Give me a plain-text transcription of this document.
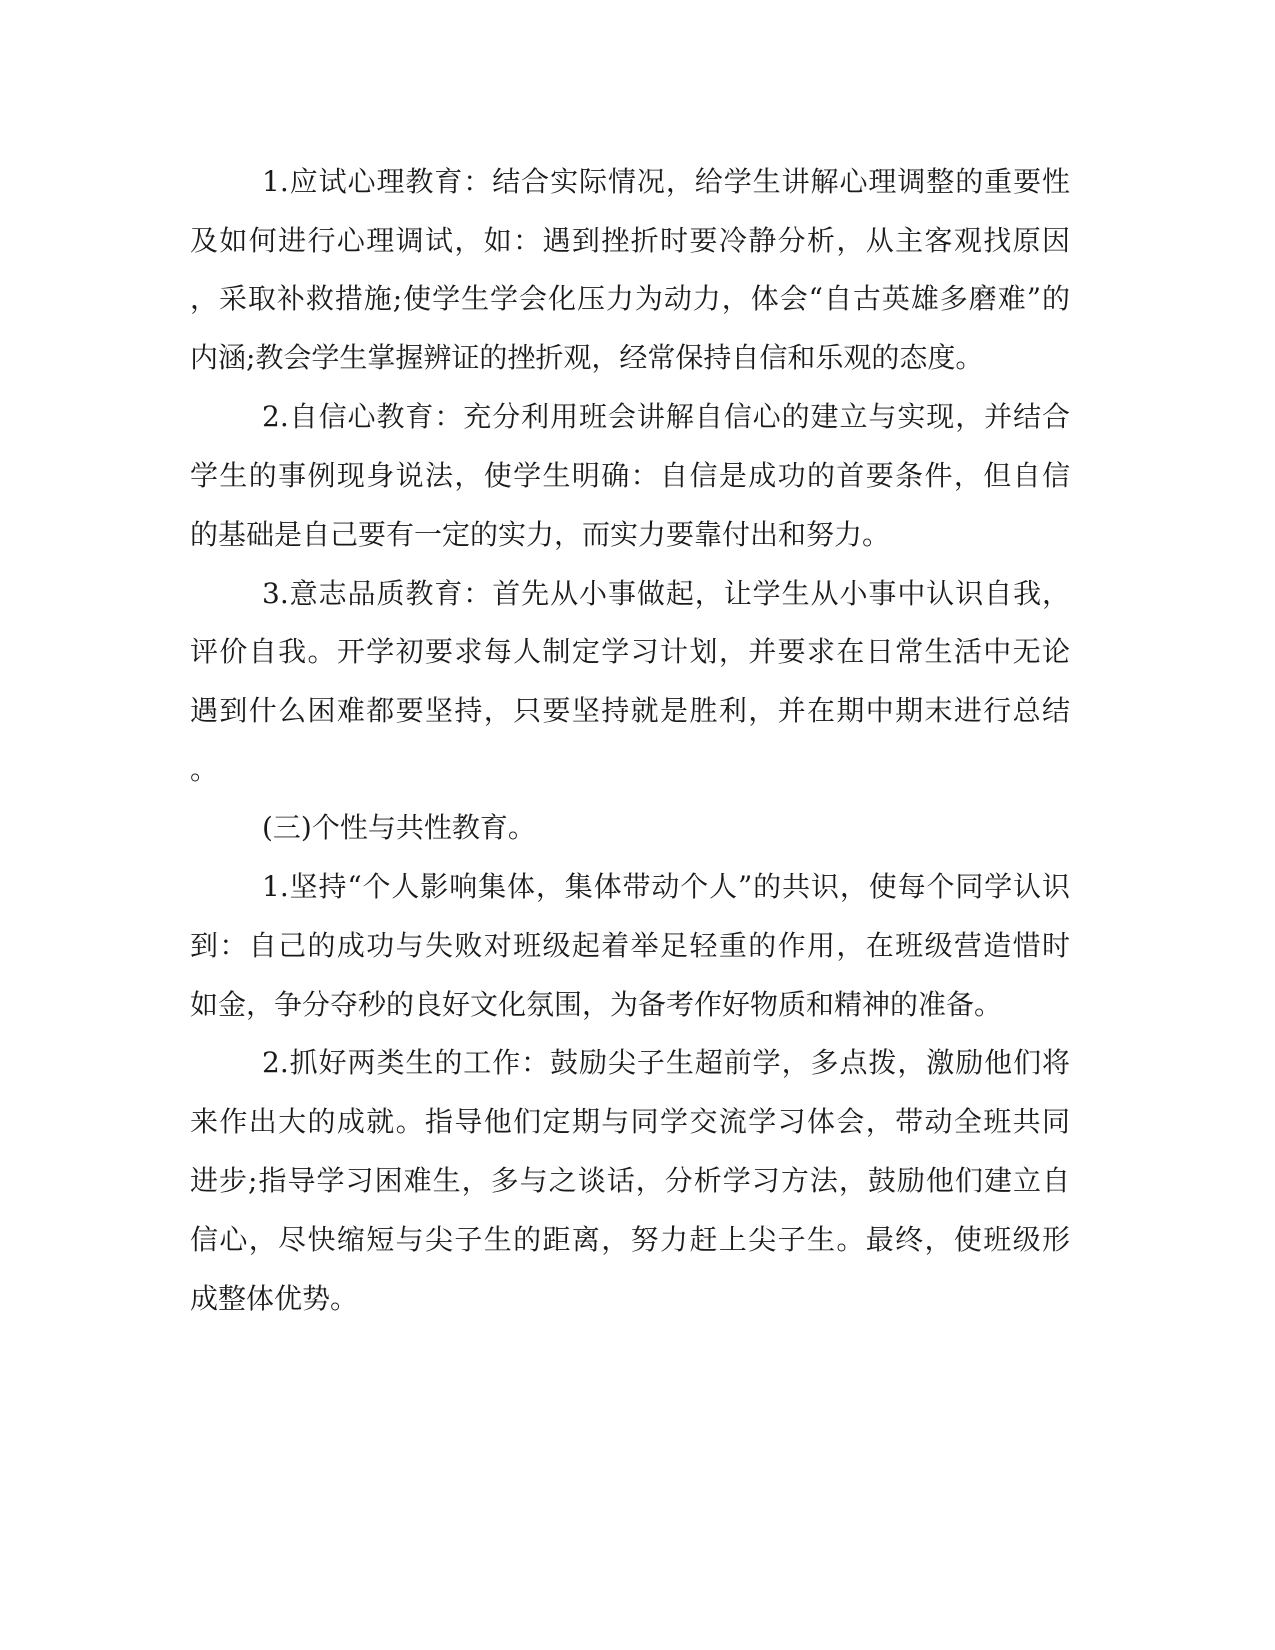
1.应试心理教育：结合实际情况，给学生讲解心理调整的重要性
及如何进行心理调试，如：遇到挫折时要冷静分析，从主客观找原因
，采取补救措施;使学生学会化压力为动力，体会“自古英雄多磨难”的
内涵;教会学生掌握辨证的挫折观，经常保持自信和乐观的态度。
2.自信心教育：充分利用班会讲解自信心的建立与实现，并结合
学生的事例现身说法，使学生明确：自信是成功的首要条件，但自信
的基础是自己要有一定的实力，而实力要靠付出和努力。
3.意志品质教育：首先从小事做起，让学生从小事中认识自我，
评价自我。开学初要求每人制定学习计划，并要求在日常生活中无论
遇到什么困难都要坚持，只要坚持就是胜利，并在期中期末进行总结
。
(三)个性与共性教育。
1.坚持“个人影响集体，集体带动个人”的共识，使每个同学认识
到：自己的成功与失败对班级起着举足轻重的作用，在班级营造惜时
如金，争分夺秒的良好文化氛围，为备考作好物质和精神的准备。
2.抓好两类生的工作：鼓励尖子生超前学，多点拨，激励他们将
来作出大的成就。指导他们定期与同学交流学习体会，带动全班共同
进步;指导学习困难生，多与之谈话，分析学习方法，鼓励他们建立自
信心，尽快缩短与尖子生的距离，努力赶上尖子生。最终，使班级形
成整体优势。
